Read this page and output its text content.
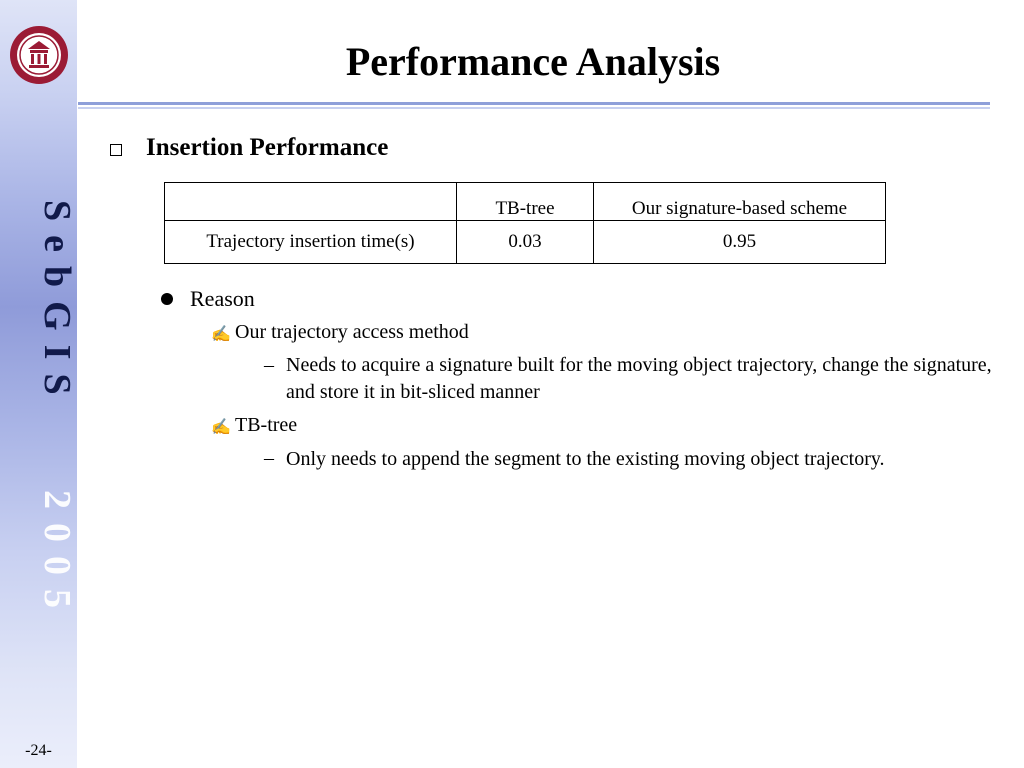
SebGIS 2005
-24-
Performance Analysis
Insertion Performance
	TB-tree	Our signature-based scheme
Trajectory insertion time(s)	0.03	0.95
Reason
✍ Our trajectory access method
– Needs to acquire a signature built for the moving object trajectory, change the signature, and store it in bit-sliced manner
✍ TB-tree
– Only needs to append the segment to the existing moving object trajectory.
